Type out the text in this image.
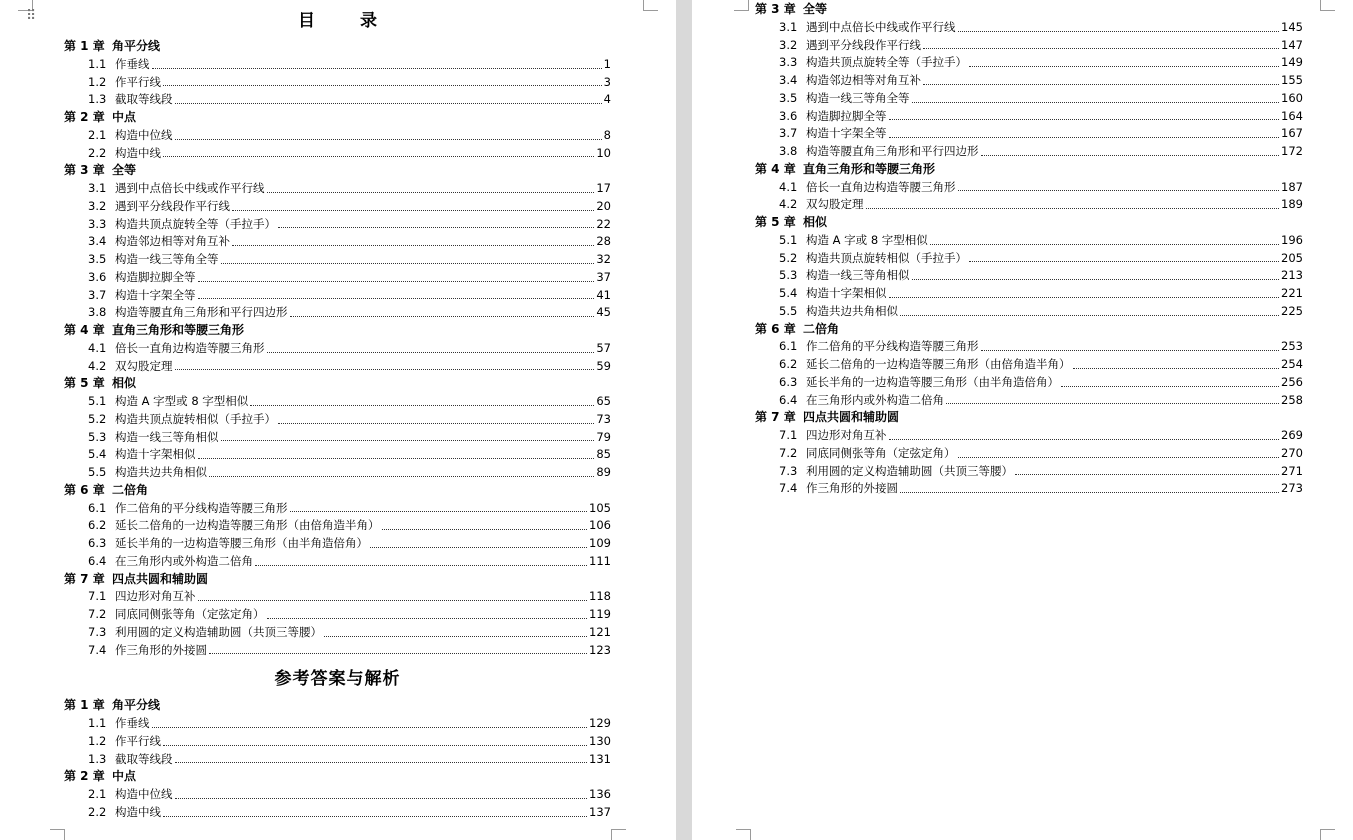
⠿	目　录
第 1 章 角平分线
1.1 作垂线	1
1.2 作平行线	3
1.3 截取等线段	4
第 2 章 中点
2.1 构造中位线	8
2.2 构造中线	10
第 3 章 全等
3.1 遇到中点倍长中线或作平行线	17
3.2 遇到平分线段作平行线	20
3.3 构造共顶点旋转全等（手拉手）	22
3.4 构造邻边相等对角互补	28
3.5 构造一线三等角全等	32
3.6 构造脚拉脚全等	37
3.7 构造十字架全等	41
3.8 构造等腰直角三角形和平行四边形	45
第 4 章 直角三角形和等腰三角形
4.1 倍长一直角边构造等腰三角形	57
4.2 双勾股定理	59
第 5 章 相似
5.1 构造 A 字型或 8 字型相似	65
5.2 构造共顶点旋转相似（手拉手）	73
5.3 构造一线三等角相似	79
5.4 构造十字架相似	85
5.5 构造共边共角相似	89
第 6 章 二倍角
6.1 作二倍角的平分线构造等腰三角形	105
6.2 延长二倍角的一边构造等腰三角形（由倍角造半角）	106
6.3 延长半角的一边构造等腰三角形（由半角造倍角）	109
6.4 在三角形内或外构造二倍角	111
第 7 章 四点共圆和辅助圆
7.1 四边形对角互补	118
7.2 同底同侧张等角（定弦定角）	119
7.3 利用圆的定义构造辅助圆（共顶三等腰）	121
7.4 作三角形的外接圆	123
参考答案与解析
第 1 章 角平分线
1.1 作垂线	129
1.2 作平行线	130
1.3 截取等线段	131
第 2 章 中点
2.1 构造中位线	136
2.2 构造中线	137
第 3 章 全等
3.1 遇到中点倍长中线或作平行线	145
3.2 遇到平分线段作平行线	147
3.3 构造共顶点旋转全等（手拉手）	149
3.4 构造邻边相等对角互补	155
3.5 构造一线三等角全等	160
3.6 构造脚拉脚全等	164
3.7 构造十字架全等	167
3.8 构造等腰直角三角形和平行四边形	172
第 4 章 直角三角形和等腰三角形
4.1 倍长一直角边构造等腰三角形	187
4.2 双勾股定理	189
第 5 章 相似
5.1 构造 A 字或 8 字型相似	196
5.2 构造共顶点旋转相似（手拉手）	205
5.3 构造一线三等角相似	213
5.4 构造十字架相似	221
5.5 构造共边共角相似	225
第 6 章 二倍角
6.1 作二倍角的平分线构造等腰三角形	253
6.2 延长二倍角的一边构造等腰三角形（由倍角造半角）	254
6.3 延长半角的一边构造等腰三角形（由半角造倍角）	256
6.4 在三角形内或外构造二倍角	258
第 7 章 四点共圆和辅助圆
7.1 四边形对角互补	269
7.2 同底同侧张等角（定弦定角）	270
7.3 利用圆的定义构造辅助圆（共顶三等腰）	271
7.4 作三角形的外接圆	273
